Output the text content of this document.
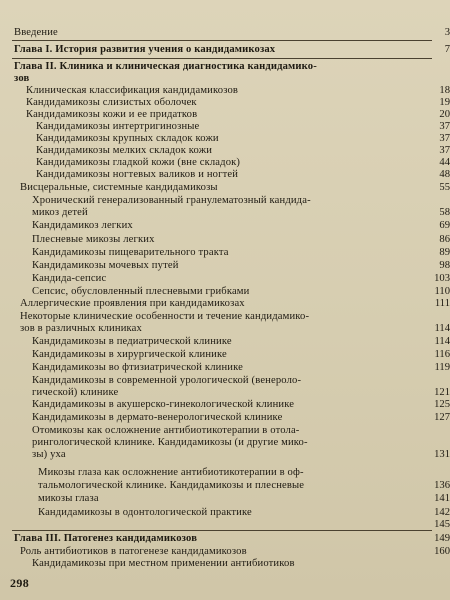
Введение	3
Глава I. История развития учения о кандидамикозах	7
Глава II. Клиника и клиническая диагностика кандидамико-
зов
Клиническая классификация кандидамикозов	18
Кандидамикозы слизистых оболочек	19
Кандидамикозы кожи и ее придатков	20
Кандидамикозы интертригинозные	37
Кандидамикозы крупных складок кожи	37
Кандидамикозы мелких складок кожи	37
Кандидамикозы гладкой кожи (вне складок)	44
Кандидамикозы ногтевых валиков и ногтей	48
Висцеральные, системные кандидамикозы	55
Хронический генерализованный гранулематозный кандида-
микоз детей	58
Кандидамикоз легких	69
Плесневые микозы легких	86
Кандидамикозы пищеварительного тракта	89
Кандидамикозы мочевых путей	98
Кандида-сепсис	103
Сепсис, обусловленный плесневыми грибками	110
Аллергические проявления при кандидамикозах	111
Некоторые клинические особенности и течение кандидамико-
зов в различных клиниках	114
Кандидамикозы в педиатрической клинике	114
Кандидамикозы в хирургической клинике	116
Кандидамикозы во фтизиатрической клинике	119
Кандидамикозы в современной урологической (венероло-
гической) клинике	121
Кандидамикозы в акушерско-гинекологической клинике	125
Кандидамикозы в дермато-венерологической клинике	127
Отомикозы как осложнение антибиотикотерапии в отола-
рингологической клинике. Кандидамикозы (и другие мико-
зы) уха	131
Микозы глаза как осложнение антибиотикотерапии в оф-
тальмологической клинике. Кандидамикозы и плесневые	136
микозы глаза	141
Кандидамикозы в одонтологической практике	142
145
Глава III. Патогенез кандидамикозов	149
Роль антибиотиков в патогенезе кандидамикозов	160
Кандидамикозы при местном применении антибиотиков
298
